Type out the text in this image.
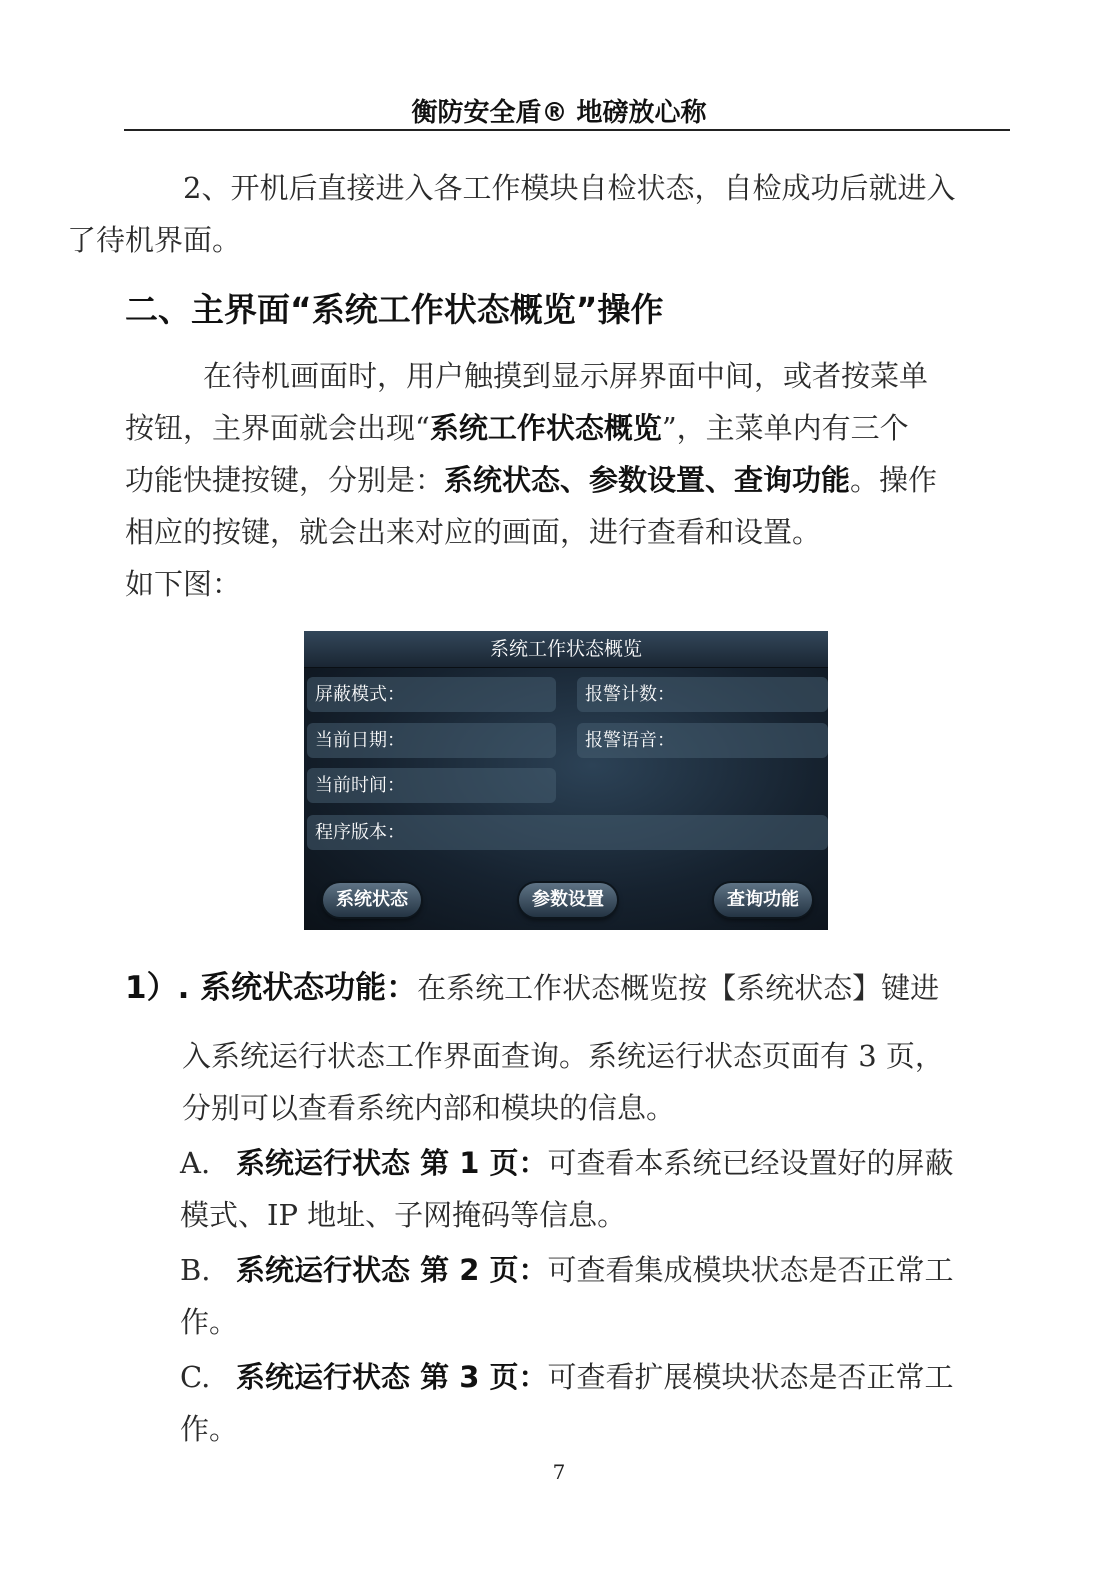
衡防安全盾® 地磅放心称
2、开机后直接进入各工作模块自检状态，自检成功后就进入
了待机界面。
二、主界面“系统工作状态概览”操作
在待机画面时，用户触摸到显示屏界面中间，或者按菜单
按钮，主界面就会出现“系统工作状态概览”，主菜单内有三个
功能快捷按键，分别是：系统状态、参数设置、查询功能。操作
相应的按键，就会出来对应的画面，进行查看和设置。
如下图：
系统工作状态概览
屏蔽模式：	报警计数：
当前日期：	报警语音：
当前时间：
程序版本：
系统状态	参数设置	查询功能
1）. 系统状态功能：在系统工作状态概览按【系统状态】键进
入系统运行状态工作界面查询。系统运行状态页面有 3 页，
分别可以查看系统内部和模块的信息。
A. 系统运行状态 第 1 页：可查看本系统已经设置好的屏蔽
模式、IP 地址、子网掩码等信息。
B. 系统运行状态 第 2 页：可查看集成模块状态是否正常工
作。
C. 系统运行状态 第 3 页：可查看扩展模块状态是否正常工
作。
7
